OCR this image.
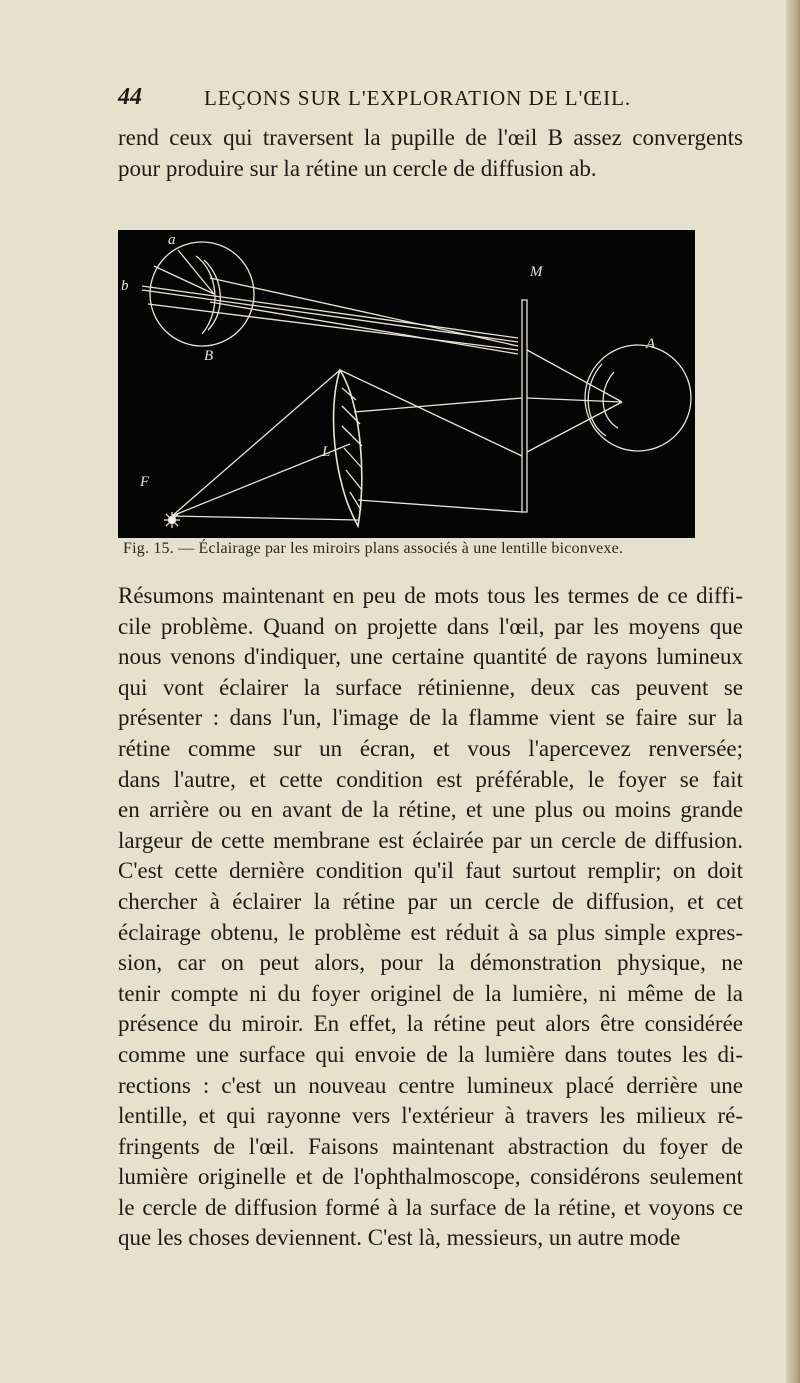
44	LEÇONS SUR L'EXPLORATION DE L'ŒIL.
rend ceux qui traversent la pupille de l'œil B assez convergents
pour produire sur la rétine un cercle de diffusion ab.
a
b
B
M
A
L
F
Fig. 15. — Éclairage par les miroirs plans associés à une lentille biconvexe.
Résumons maintenant en peu de mots tous les termes de ce diffi-
cile problème. Quand on projette dans l'œil, par les moyens que
nous venons d'indiquer, une certaine quantité de rayons lumineux
qui vont éclairer la surface rétinienne, deux cas peuvent se
présenter : dans l'un, l'image de la flamme vient se faire sur la
rétine comme sur un écran, et vous l'apercevez renversée;
dans l'autre, et cette condition est préférable, le foyer se fait
en arrière ou en avant de la rétine, et une plus ou moins grande
largeur de cette membrane est éclairée par un cercle de diffusion.
C'est cette dernière condition qu'il faut surtout remplir; on doit
chercher à éclairer la rétine par un cercle de diffusion, et cet
éclairage obtenu, le problème est réduit à sa plus simple expres-
sion, car on peut alors, pour la démonstration physique, ne
tenir compte ni du foyer originel de la lumière, ni même de la
présence du miroir. En effet, la rétine peut alors être considérée
comme une surface qui envoie de la lumière dans toutes les di-
rections : c'est un nouveau centre lumineux placé derrière une
lentille, et qui rayonne vers l'extérieur à travers les milieux ré-
fringents de l'œil. Faisons maintenant abstraction du foyer de
lumière originelle et de l'ophthalmoscope, considérons seulement
le cercle de diffusion formé à la surface de la rétine, et voyons ce
que les choses deviennent. C'est là, messieurs, un autre mode
